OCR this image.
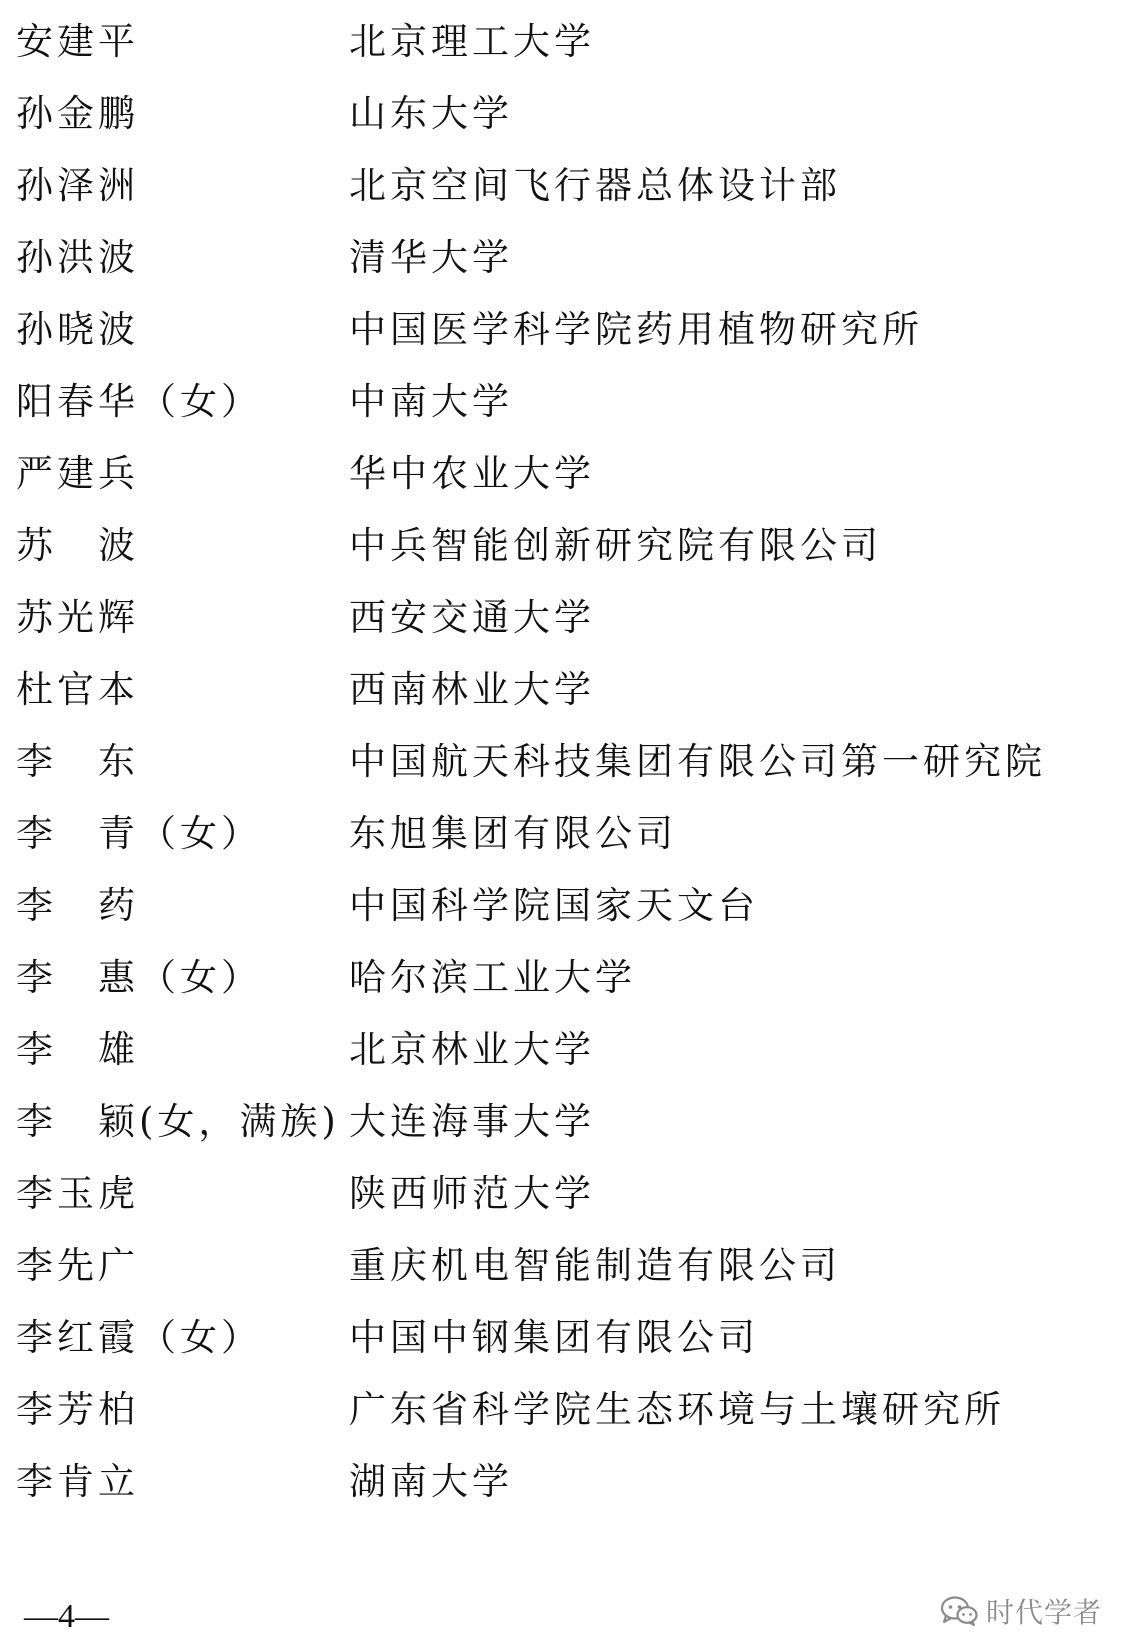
安建平	北京理工大学
孙金鹏	山东大学
孙泽洲	北京空间飞行器总体设计部
孙洪波	清华大学
孙晓波	中国医学科学院药用植物研究所
阳春华（女） 中南大学
严建兵	华中农业大学
苏　波	中兵智能创新研究院有限公司
苏光辉	西安交通大学
杜官本	西南林业大学
李　东	中国航天科技集团有限公司第一研究院
李　青（女） 东旭集团有限公司
李　药	中国科学院国家天文台
李　惠（女） 哈尔滨工业大学
李　雄	北京林业大学
李　颖(女，满族) 大连海事大学
李玉虎	陕西师范大学
李先广	重庆机电智能制造有限公司
李红霞（女） 中国中钢集团有限公司
李芳柏	广东省科学院生态环境与土壤研究所
李肯立	湖南大学
—4—	时代学者
